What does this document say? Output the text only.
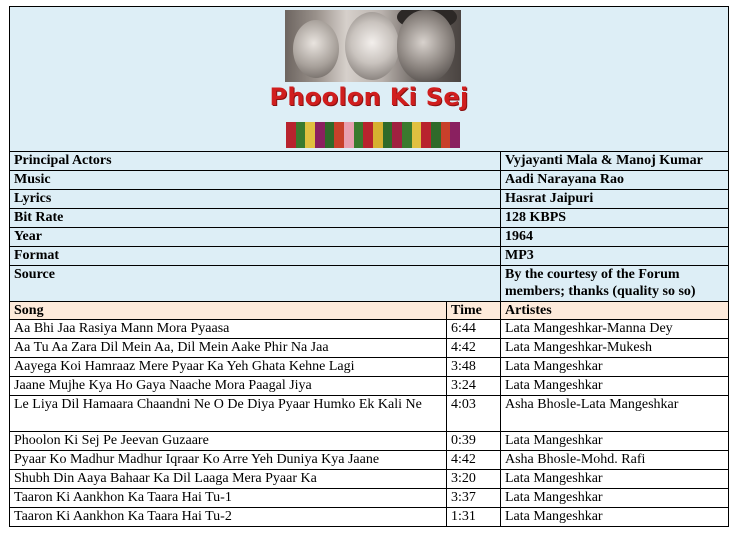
Phoolon Ki Sej		

Principal Actors		Vyjayanti Mala & Manoj Kumar
Music		Aadi Narayana Rao
Lyrics		Hasrat Jaipuri
Bit Rate		128 KBPS
Year		1964
Format		MP3
Source		By the courtesy of the Forum members; thanks (quality so so)
Song	Time	Artistes
Aa Bhi Jaa Rasiya Mann Mora Pyaasa	6:44	Lata Mangeshkar-Manna Dey
Aa Tu Aa Zara Dil Mein Aa, Dil Mein Aake Phir Na Jaa	4:42	Lata Mangeshkar-Mukesh
Aayega Koi Hamraaz Mere Pyaar Ka Yeh Ghata Kehne Lagi	3:48	Lata Mangeshkar
Jaane Mujhe Kya Ho Gaya Naache Mora Paagal Jiya	3:24	Lata Mangeshkar
Le Liya Dil Hamaara Chaandni Ne O De Diya Pyaar Humko Ek Kali Ne	4:03	Asha Bhosle-Lata Mangeshkar
Phoolon Ki Sej Pe Jeevan Guzaare	0:39	Lata Mangeshkar
Pyaar Ko Madhur Madhur Iqraar Ko Arre Yeh Duniya Kya Jaane	4:42	Asha Bhosle-Mohd. Rafi
Shubh Din Aaya Bahaar Ka Dil Laaga Mera Pyaar Ka	3:20	Lata Mangeshkar
Taaron Ki Aankhon Ka Taara Hai Tu-1	3:37	Lata Mangeshkar
Taaron Ki Aankhon Ka Taara Hai Tu-2	1:31	Lata Mangeshkar
